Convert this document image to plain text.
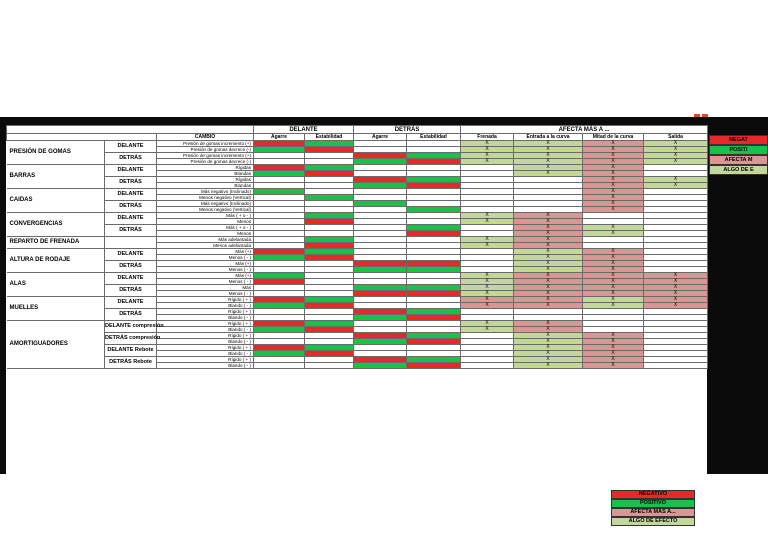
			DELANTE		DETRÁS		AFECTA MÁS A ...			
		CAMBIO	Agarre	Estabilidad	Agarre	Estabilidad	Frenada	Entrada a la curva	Mitad de la curva	Salida
PRESIÓN DE GOMAS	DELANTE	Presión de gomas incremento (+)					X	X	X	X
		Presión de gomas decrece (-)					X	X	X	X
	DETRÁS	Presión de gomas incremento (+)					X	X	X	X
		Presión de gomas decrece (-)					X	X	X	X
BARRAS	DELANTE	Rígidas						X	X	
		Blandas						X	X	
	DETRÁS	Rígidas							X	X
		Blandas							X	X
CAIDAS	DELANTE	Más negativo (Inclinado)							X	
		Menos negativo (Vertical)							X	
	DETRÁS	Más negativo (Inclinado)							X	
		Menos negativo (Vertical)							X	
CONVERGENCIAS	DELANTE	Más ( + o - )					X	X		
		Menos					X	X		
	DETRÁS	Más ( + o - )						X	X	
		Menos						X	X	
REPARTO DE FRENADA		Más adelantada					X	X		
		Menos adelantada					X	X		
ALTURA DE RODAJE	DELANTE	Más (+)						X	X	
		Menos ( - )						X	X	
	DETRÁS	Más (+)						X	X	
		Menos ( - )						X	X	
ALAS	DELANTE	Más (+)					X	X	X	X
		Menos ( - )					X	X	X	X
	DETRÁS	Más					X	X	X	X
		Menos ( - )					X	X	X	X
MUELLES	DELANTE	Rígido ( + )					X	X	X	X
		Blando ( - )					X	X	X	X
	DETRÁS	Rígido ( + )								
		Blando ( - )								
AMORTIGUADORES	DELANTE compresión	Rígido ( + )					X	X		
		Blando ( - )					X	X		
	DETRÁS compresión	Rígido ( + )						X	X	
		Blando ( - )						X	X	
	DELANTE Rebote	Rígido ( + )						X	X	
		Blando ( - )						X	X	
	DETRÁS Rebote	Rígido ( + )						X	X	
		Blando ( - )						X	X	
NEGAT
POSITI
AFECTA M
ALGO DE E
NEGATIVO
POSITIVO
AFECTA MÁS A...
ALGO DE EFECTO
